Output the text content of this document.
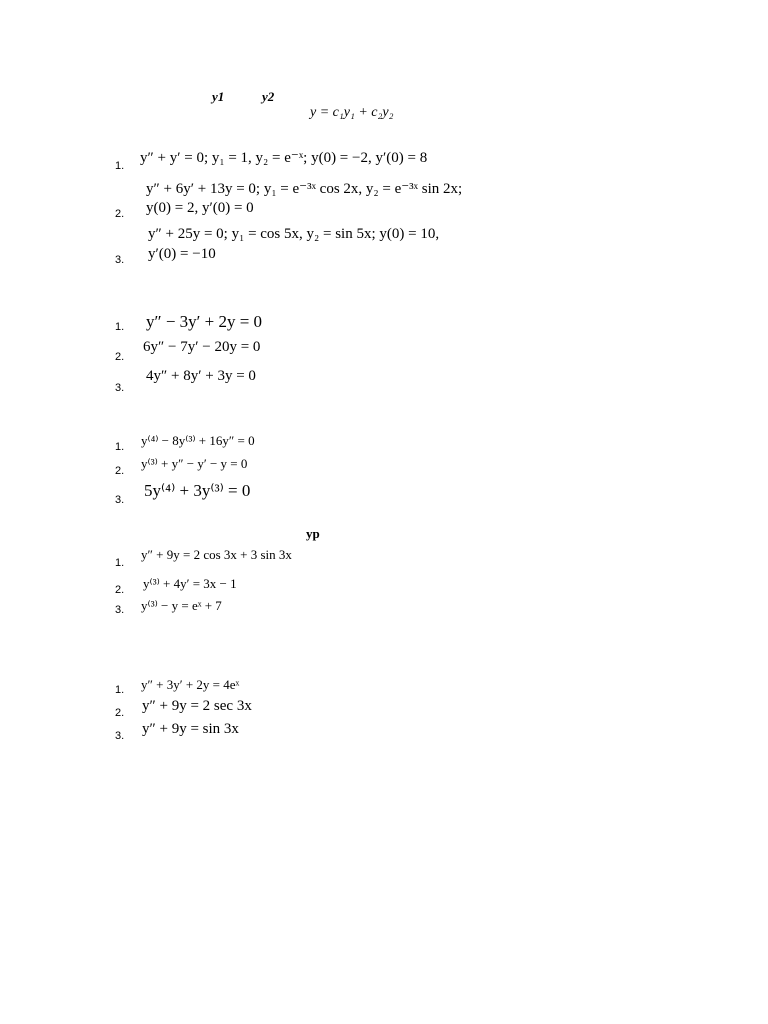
y1	y2
y = c₁y₁ + c₂y₂
1. y″ + y′ = 0; y₁ = 1, y₂ = e⁻ˣ; y(0) = −2, y′(0) = 8
y″ + 6y′ + 13y = 0; y₁ = e⁻³ˣ cos 2x, y₂ = e⁻³ˣ sin 2x;
2. y(0) = 2, y′(0) = 0
y″ + 25y = 0; y₁ = cos 5x, y₂ = sin 5x; y(0) = 10,
3. y′(0) = −10
1. y″ − 3y′ + 2y = 0
2.
6y″ − 7y′ − 20y = 0
3.
4y″ + 8y′ + 3y = 0
1. y⁽⁴⁾ − 8y⁽³⁾ + 16y″ = 0
2. y⁽³⁾ + y″ − y′ − y = 0
3. 5y⁽⁴⁾ + 3y⁽³⁾ = 0
yp
1.
y″ + 9y = 2 cos 3x + 3 sin 3x
2. y⁽³⁾ + 4y′ = 3x − 1
3. y⁽³⁾ − y = eˣ + 7
1. y″ + 3y′ + 2y = 4eˣ
2. y″ + 9y = 2 sec 3x
3. y″ + 9y = sin 3x
